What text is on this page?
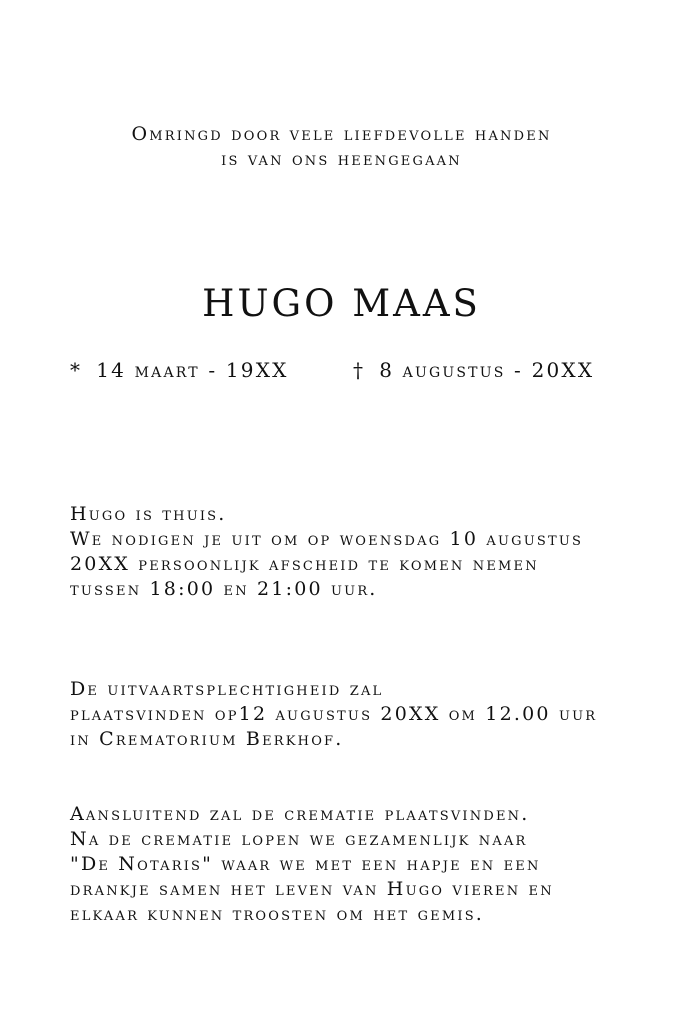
Omringd door vele liefdevolle handen
is van ons heengegaan
HUGO MAAS
* 14 maart - 19XX	† 8 augustus - 20XX
Hugo is thuis.
We nodigen je uit om op woensdag 10 augustus
20XX persoonlijk afscheid te komen nemen
tussen 18:00 en 21:00 uur.
De uitvaartsplechtigheid zal
plaatsvinden op12 augustus 20XX om 12.00 uur
in Crematorium Berkhof.
Aansluitend zal de crematie plaatsvinden.
Na de crematie lopen we gezamenlijk naar
"De Notaris" waar we met een hapje en een
drankje samen het leven van Hugo vieren en
elkaar kunnen troosten om het gemis.
